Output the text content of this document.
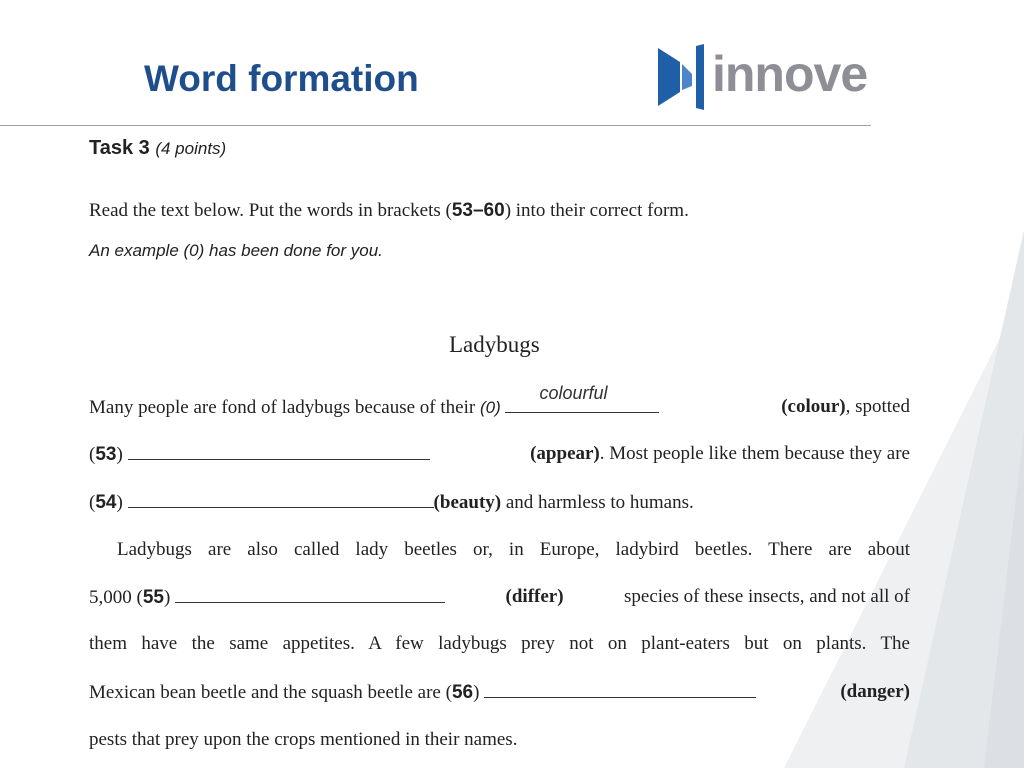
Word formation	innove
Task 3 (4 points)
Read the text below. Put the words in brackets (53–60) into their correct form.
An example (0) has been done for you.
Ladybugs
Many people are fond of ladybugs because of their (0)
colourful
(colour), spotted
(53)	(appear). Most people like them because they are
(54)	(beauty) and harmless to humans.
Ladybugs are also called lady beetles or, in Europe, ladybird beetles. There are about
5,000 (55)	(differ)	species of these insects, and not all of
them have the same appetites. A few ladybugs prey not on plant-eaters but on plants. The
Mexican bean beetle and the squash beetle are (56)	(danger)
pests that prey upon the crops mentioned in their names.
